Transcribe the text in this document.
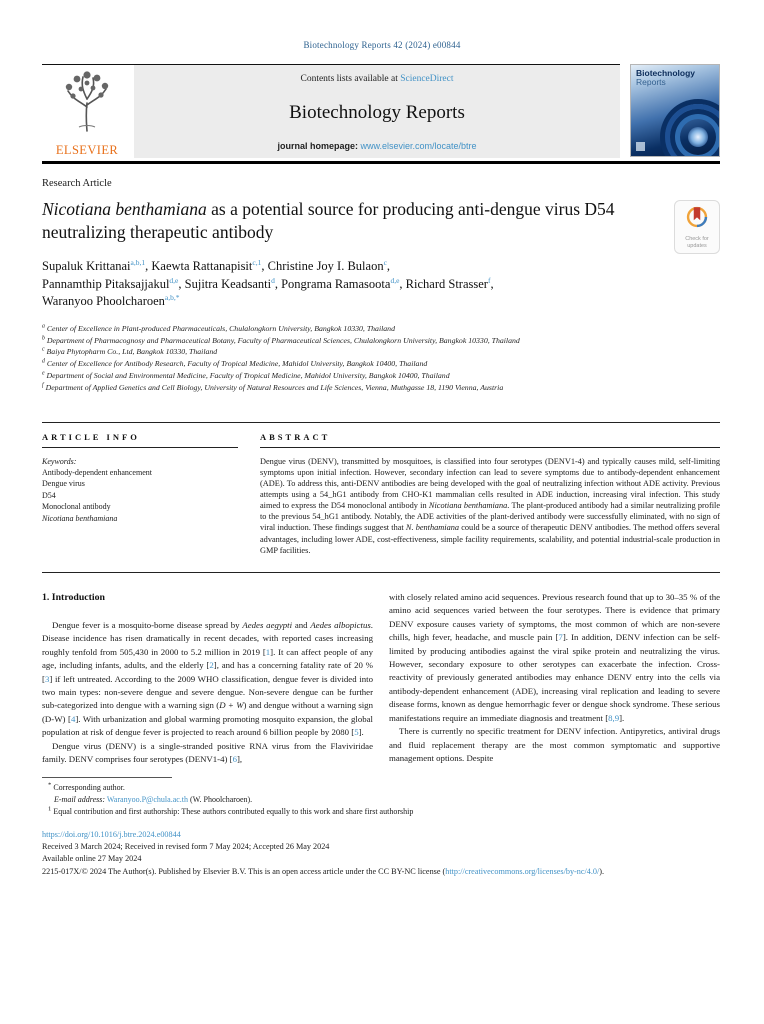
Biotechnology Reports 42 (2024) e00844
ELSEVIER
Contents lists available at ScienceDirect
Biotechnology Reports
journal homepage: www.elsevier.com/locate/btre
Biotechnology
Reports
Research Article
Nicotiana benthamiana as a potential source for producing anti-dengue virus D54 neutralizing therapeutic antibody	Check for updates
Supaluk Krittanai$^{a,b,1}$, Kaewta Rattanapisit$^{c,1}$, Christine Joy I. Bulaon$^c$,
Pannamthip Pitaksajjakul$^{d,e}$, Sujitra Keadsanti$^d$, Pongrama Ramasoota$^{d,e}$, Richard Strasser$^f$,
Waranyoo Phoolcharoen$^{a,b,*}$
$^a$ Center of Excellence in Plant-produced Pharmaceuticals, Chulalongkorn University, Bangkok 10330, Thailand
$^b$ Department of Pharmacognosy and Pharmaceutical Botany, Faculty of Pharmaceutical Sciences, Chulalongkorn University, Bangkok 10330, Thailand
$^c$ Baiya Phytopharm Co., Ltd, Bangkok 10330, Thailand
$^d$ Center of Excellence for Antibody Research, Faculty of Tropical Medicine, Mahidol University, Bangkok 10400, Thailand
$^e$ Department of Social and Environmental Medicine, Faculty of Tropical Medicine, Mahidol University, Bangkok 10400, Thailand
$^f$ Department of Applied Genetics and Cell Biology, University of Natural Resources and Life Sciences, Vienna, Muthgasse 18, 1190 Vienna, Austria
ARTICLE INFO
Keywords:
Antibody-dependent enhancement
Dengue virus
D54
Monoclonal antibody
Nicotiana benthamiana
ABSTRACT

Dengue virus (DENV), transmitted by mosquitoes, is classified into four serotypes (DENV1-4) and typically causes mild, self-limiting symptoms upon initial infection. However, secondary infection can lead to severe symptoms due to antibody-dependent enhancement (ADE). To address this, anti-DENV antibodies are being developed with the goal of neutralizing infection without ADE activity. Previous attempts using a 54_hG1 antibody from CHO-K1 mammalian cells resulted in ADE induction, increasing viral infection. This study aimed to express the D54 monoclonal antibody in Nicotiana benthamiana. The plant-produced antibody had a similar neutralizing profile to the previous 54_hG1 antibody. Notably, the ADE activities of the plant-derived antibody were successfully eliminated, with no sign of viral induction. These findings suggest that N. benthamiana could be a source of therapeutic DENV antibodies. The method offers several advantages, including lower ADE, cost-effectiveness, simple facility requirements, scalability, and potential industrial-scale production in GMP facilities.

1. Introduction

Dengue fever is a mosquito-borne disease spread by Aedes aegypti and Aedes albopictus. Disease incidence has risen dramatically in recent decades, with reported cases increasing roughly tenfold from 505,430 in 2000 to 5.2 million in 2019 [1]. It can affect people of any age, including infants, adults, and the elderly [2], and has a concerning fatality rate of 20 % [3] if left untreated. According to the 2009 WHO classification, dengue fever is divided into two main types: non-severe dengue and severe dengue. Non-severe dengue can be further sub-categorized into dengue with a warning sign (D + W) and dengue without a warning sign (D-W) [4]. With urbanization and global warming promoting mosquito expansion, the global population at risk of dengue fever is projected to reach around 6 billion people by 2080 [5].

Dengue virus (DENV) is a single-stranded positive RNA virus from the Flaviviridae family. DENV comprises four serotypes (DENV1-4) [6],

with closely related amino acid sequences. Previous research found that up to 30–35 % of the amino acid sequences varied between the four serotypes. There is evidence that primary DENV exposure causes variety of symptoms, the most common of which are non-severe chills, high fever, headache, and muscle pain [7]. In addition, DENV infection can be self-limited by producing antibodies against the viral spike protein and neutralizing the virus. However, secondary exposure to other serotypes can exacerbate the infection. Cross-reactivity of previously generated antibodies may enhance DENV entry into the cells via antibody-dependent enhancement (ADE), increasing viral replication and leading to severe disease forms, known as dengue hemorrhagic fever or dengue shock syndrome. These serious manifestations require an immediate diagnosis and treatment [8,9].

There is currently no specific treatment for DENV infection. Antipyretics, antiviral drugs and fluid replacement therapy are the most common symptomatic and supportive management options. Despite

* Corresponding author.
E-mail address: Waranyoo.P@chula.ac.th (W. Phoolcharoen).
$^1$ Equal contribution and first authorship: These authors contributed equally to this work and share first authorship
https://doi.org/10.1016/j.btre.2024.e00844
Received 3 March 2024; Received in revised form 7 May 2024; Accepted 26 May 2024
Available online 27 May 2024
2215-017X/© 2024 The Author(s). Published by Elsevier B.V. This is an open access article under the CC BY-NC license (http://creativecommons.org/licenses/by-nc/4.0/).
